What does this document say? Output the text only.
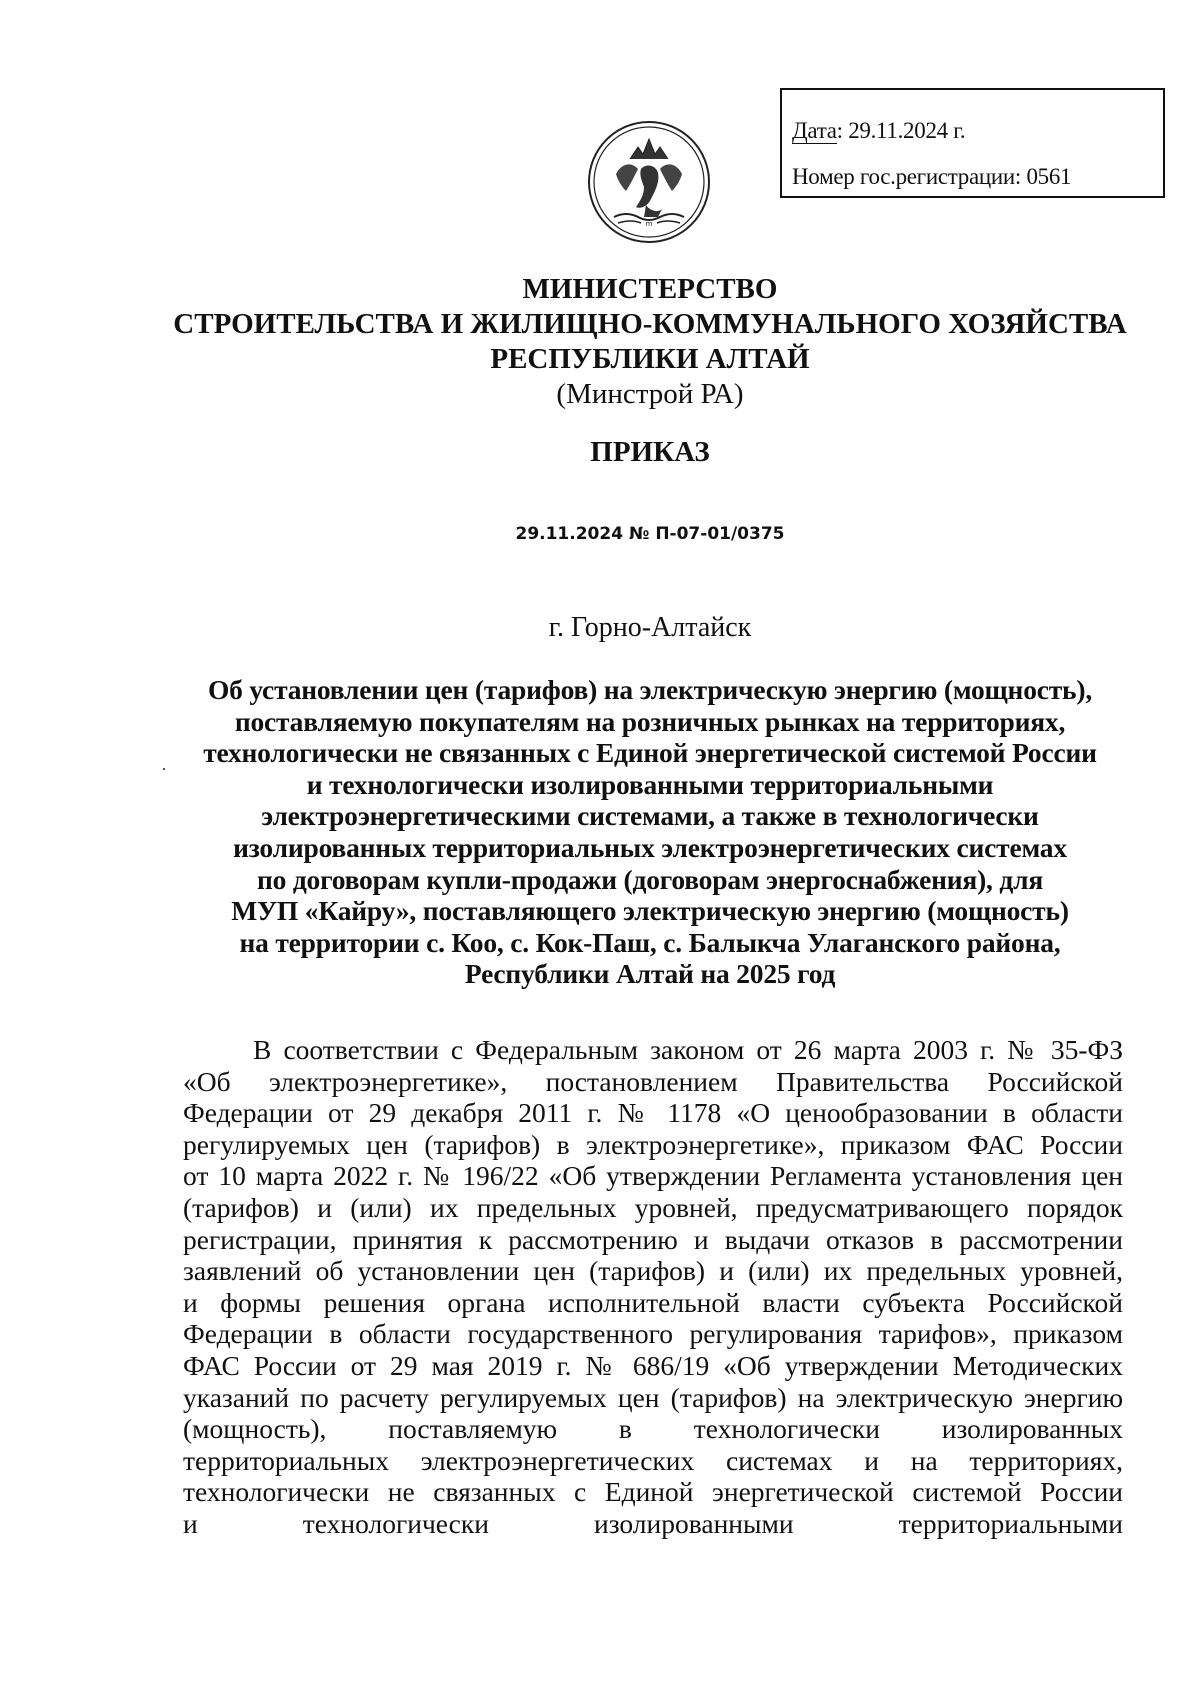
m
Дата: 29.11.2024 г.
Номер гос.регистрации: 0561
МИНИСТЕРСТВО
СТРОИТЕЛЬСТВА И ЖИЛИЩНО-КОММУНАЛЬНОГО ХОЗЯЙСТВА
РЕСПУБЛИКИ АЛТАЙ
(Минстрой РА)
ПРИКАЗ
29.11.2024 № П-07-01/0375
г. Горно-Алтайск
Об установлении цен (тарифов) на электрическую энергию (мощность),
поставляемую покупателям на розничных рынках на территориях,
технологически не связанных с Единой энергетической системой России
и технологически изолированными территориальными
электроэнергетическими системами, а также в технологически
изолированных территориальных электроэнергетических системах
по договорам купли-продажи (договорам энергоснабжения), для
МУП «Кайру», поставляющего электрическую энергию (мощность)
на территории с. Коо, с. Кок-Паш, с. Балыкча Улаганского района,
Республики Алтай на 2025 год
В соответствии с Федеральным законом от 26 марта 2003 г. № 35-ФЗ
«Об электроэнергетике», постановлением Правительства Российской
Федерации от 29 декабря 2011 г. № 1178 «О ценообразовании в области
регулируемых цен (тарифов) в электроэнергетике», приказом ФАС России
от 10 марта 2022 г. № 196/22 «Об утверждении Регламента установления цен
(тарифов) и (или) их предельных уровней, предусматривающего порядок
регистрации, принятия к рассмотрению и выдачи отказов в рассмотрении
заявлений об установлении цен (тарифов) и (или) их предельных уровней,
и формы решения органа исполнительной власти субъекта Российской
Федерации в области государственного регулирования тарифов», приказом
ФАС России от 29 мая 2019 г. № 686/19 «Об утверждении Методических
указаний по расчету регулируемых цен (тарифов) на электрическую энергию
(мощность), поставляемую в технологически изолированных
территориальных электроэнергетических системах и на территориях,
технологически не связанных с Единой энергетической системой России
и технологически изолированными территориальными
